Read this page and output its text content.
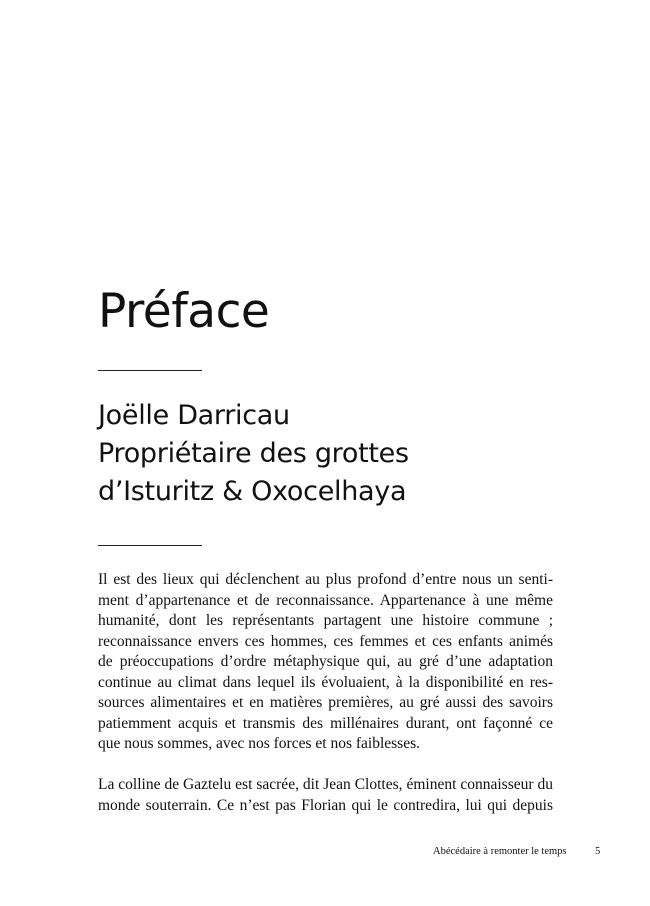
Préface
Joëlle Darricau
Propriétaire des grottes
d’Isturitz & Oxocelhaya
Il est des lieux qui déclenchent au plus profond d’entre nous un senti-
ment d’appartenance et de reconnaissance. Appartenance à une même
humanité, dont les représentants partagent une histoire commune ;
reconnaissance envers ces hommes, ces femmes et ces enfants animés
de préoccupations d’ordre métaphysique qui, au gré d’une adaptation
continue au climat dans lequel ils évoluaient, à la disponibilité en res-
sources alimentaires et en matières premières, au gré aussi des savoirs
patiemment acquis et transmis des millénaires durant, ont façonné ce
que nous sommes, avec nos forces et nos faiblesses.
La colline de Gaztelu est sacrée, dit Jean Clottes, éminent connaisseur du
monde souterrain. Ce n’est pas Florian qui le contredira, lui qui depuis
Abécédaire à remonter le temps	5
